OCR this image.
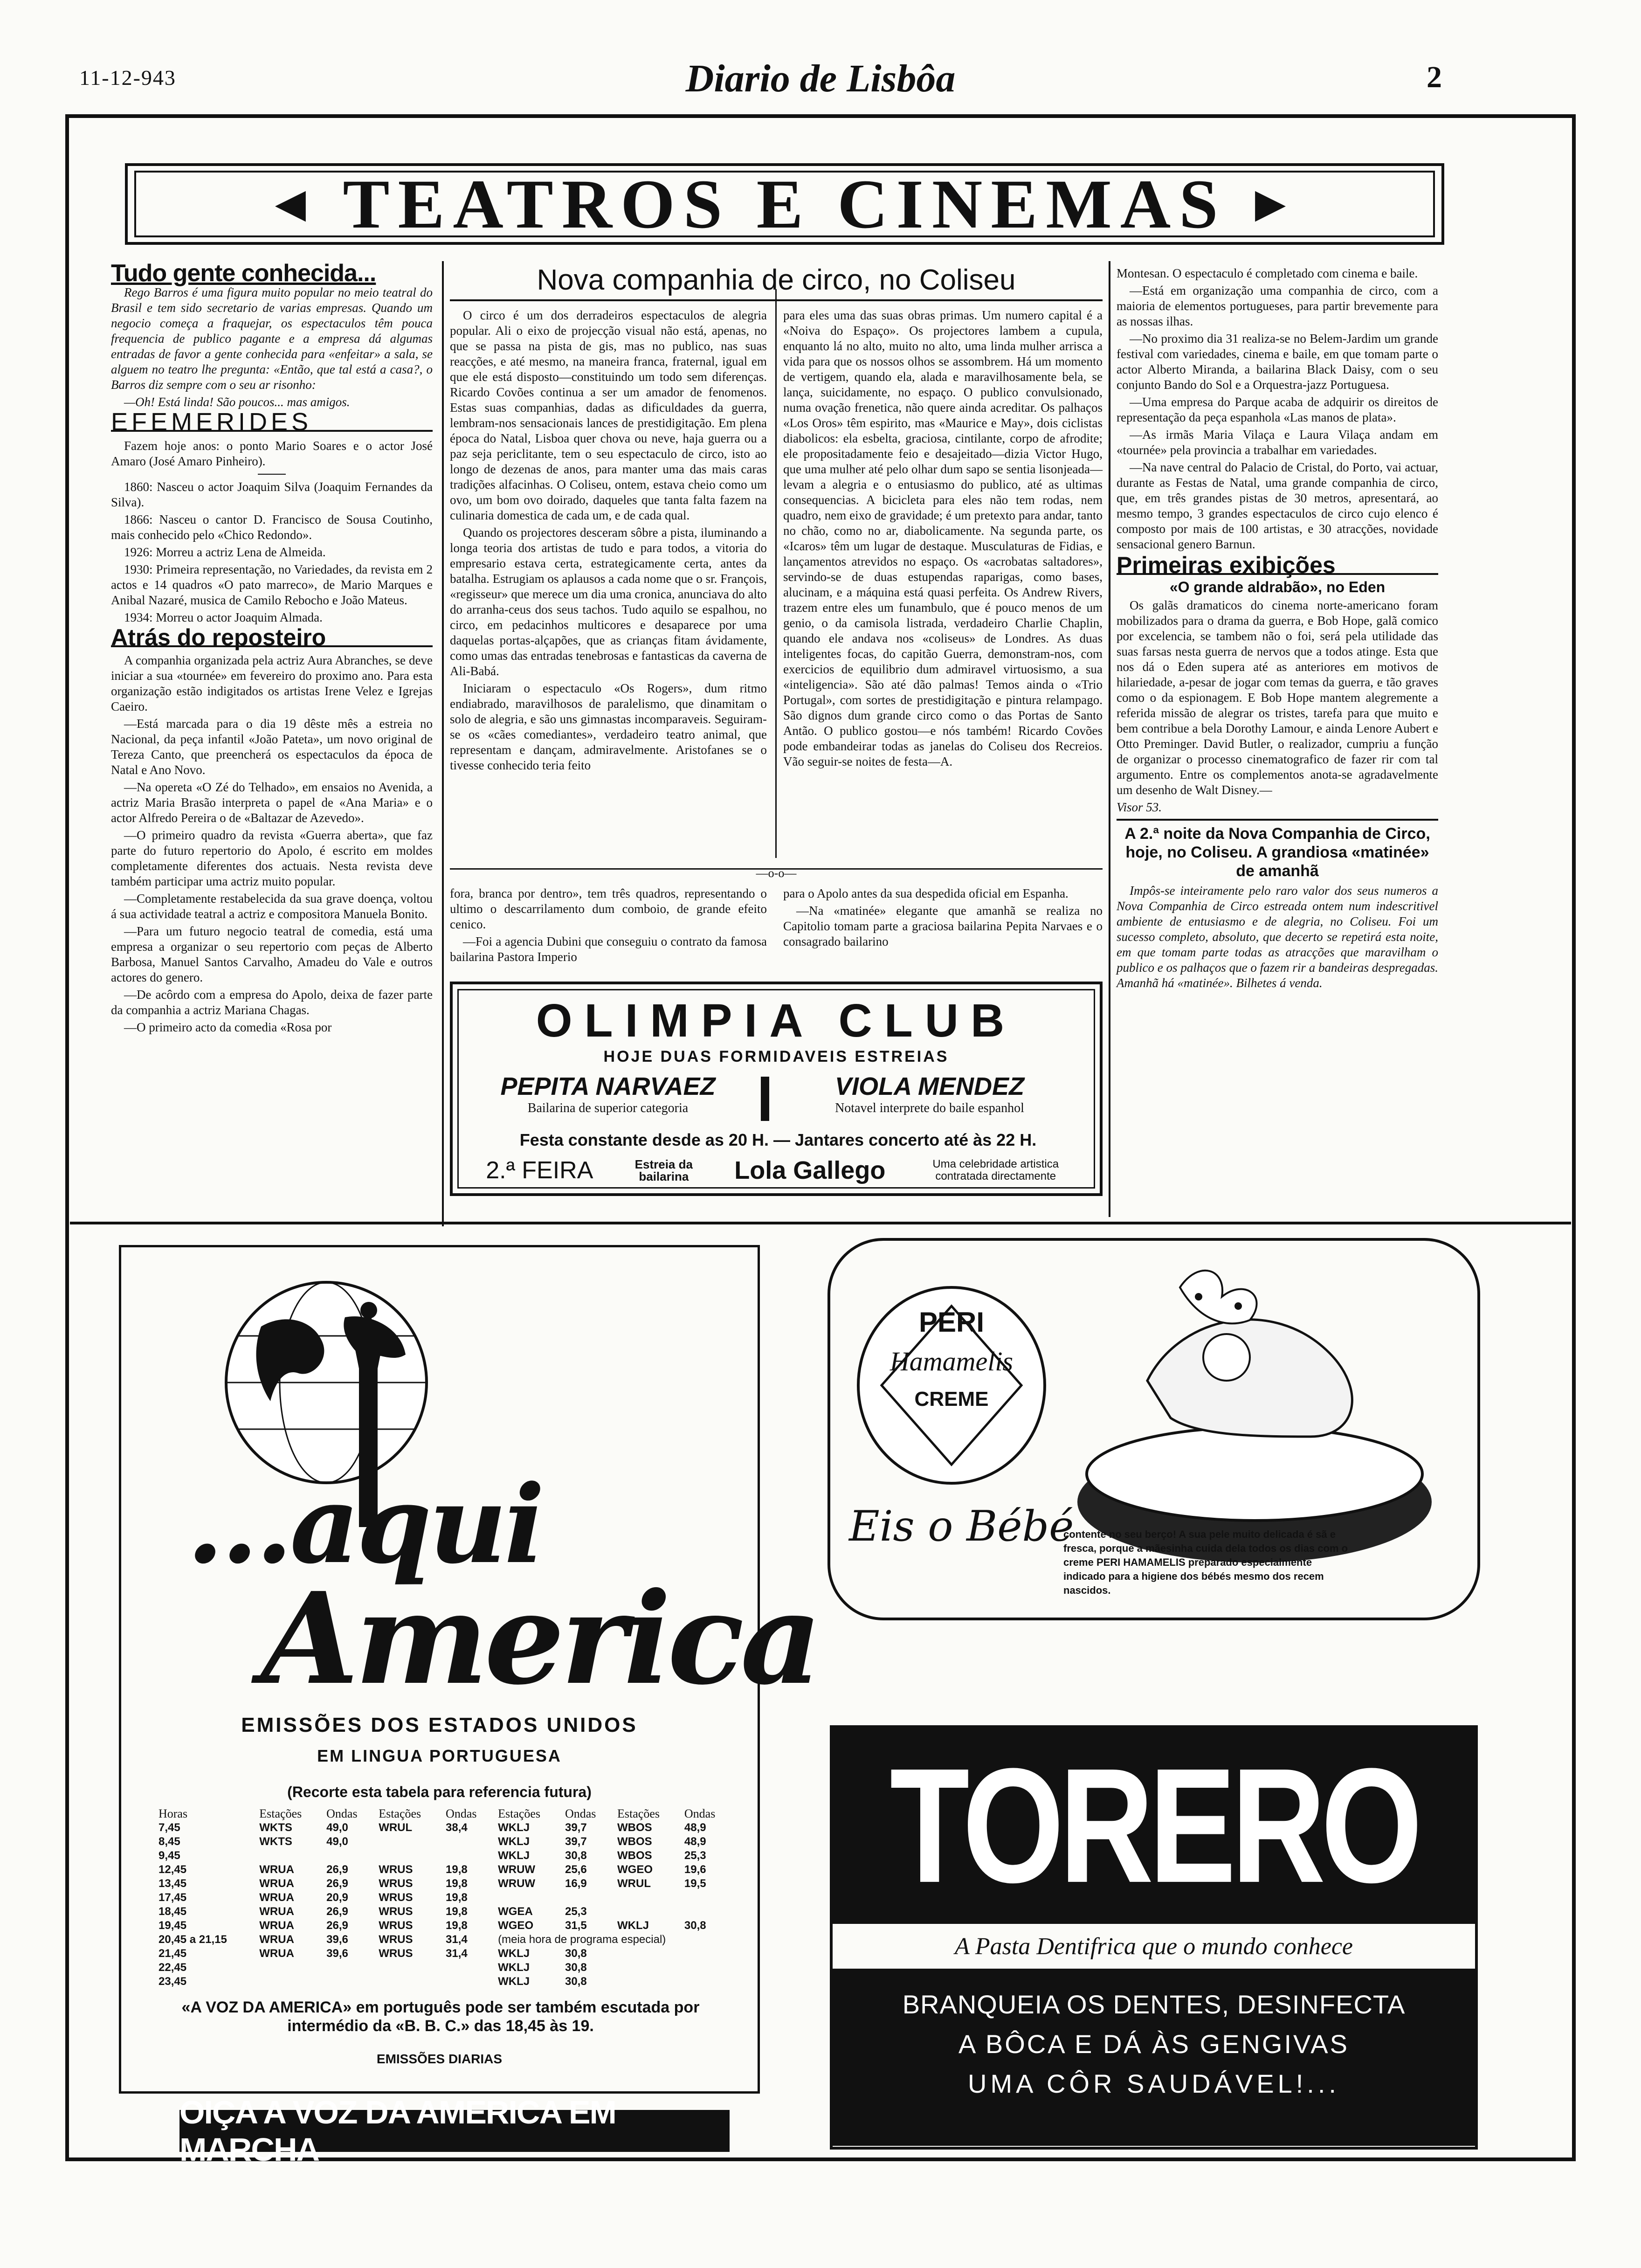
11-12-943	Diario de Lisbôa	2
◄ TEATROS E CINEMAS ►
Tudo gente conhecida...

Rego Barros é uma figura muito popular no meio teatral do Brasil e tem sido secretario de varias empresas. Quando um negocio começa a fraquejar, os espectaculos têm pouca frequencia de publico pagante e a empresa dá algumas entradas de favor a gente conhecida para «enfeitar» a sala, se alguem no teatro lhe pregunta: «Então, que tal está a casa?, o Barros diz sempre com o seu ar risonho:

—Oh! Está linda! São poucos... mas amigos.

EFEMERIDES

Fazem hoje anos: o ponto Mario Soares e o actor José Amaro (José Amaro Pinheiro).

1860: Nasceu o actor Joaquim Silva (Joaquim Fernandes da Silva).

1866: Nasceu o cantor D. Francisco de Sousa Coutinho, mais conhecido pelo «Chico Redondo».

1926: Morreu a actriz Lena de Almeida.

1930: Primeira representação, no Variedades, da revista em 2 actos e 14 quadros «O pato marreco», de Mario Marques e Anibal Nazaré, musica de Camilo Rebocho e João Mateus.

1934: Morreu o actor Joaquim Almada.

Atrás do reposteiro

A companhia organizada pela actriz Aura Abranches, se deve iniciar a sua «tournée» em fevereiro do proximo ano. Para esta organização estão indigitados os artistas Irene Velez e Igrejas Caeiro.

—Está marcada para o dia 19 dêste mês a estreia no Nacional, da peça infantil «João Pateta», um novo original de Tereza Canto, que preencherá os espectaculos da época de Natal e Ano Novo.

—Na opereta «O Zé do Telhado», em ensaios no Avenida, a actriz Maria Brasão interpreta o papel de «Ana Maria» e o actor Alfredo Pereira o de «Baltazar de Azevedo».

—O primeiro quadro da revista «Guerra aberta», que faz parte do futuro repertorio do Apolo, é escrito em moldes completamente diferentes dos actuais. Nesta revista deve também participar uma actriz muito popular.

—Completamente restabelecida da sua grave doença, voltou á sua actividade teatral a actriz e compositora Manuela Bonito.

—Para um futuro negocio teatral de comedia, está uma empresa a organizar o seu repertorio com peças de Alberto Barbosa, Manuel Santos Carvalho, Amadeu do Vale e outros actores do genero.

—De acôrdo com a empresa do Apolo, deixa de fazer parte da companhia a actriz Mariana Chagas.

—O primeiro acto da comedia «Rosa por

Nova companhia de circo, no Coliseu

O circo é um dos derradeiros espectaculos de alegria popular. Ali o eixo de projecção visual não está, apenas, no que se passa na pista de gis, mas no publico, nas suas reacções, e até mesmo, na maneira franca, fraternal, igual em que ele está disposto—constituindo um todo sem diferenças. Ricardo Covões continua a ser um amador de fenomenos. Estas suas companhias, dadas as dificuldades da guerra, lembram-nos sensacionais lances de prestidigitação. Em plena época do Natal, Lisboa quer chova ou neve, haja guerra ou a paz seja periclitante, tem o seu espectaculo de circo, isto ao longo de dezenas de anos, para manter uma das mais caras tradições alfacinhas. O Coliseu, ontem, estava cheio como um ovo, um bom ovo doirado, daqueles que tanta falta fazem na culinaria domestica de cada um, e de cada qual.

Quando os projectores desceram sôbre a pista, iluminando a longa teoria dos artistas de tudo e para todos, a vitoria do empresario estava certa, estrategicamente certa, antes da batalha. Estrugiam os aplausos a cada nome que o sr. François, «regisseur» que merece um dia uma cronica, anunciava do alto do arranha-ceus dos seus tachos. Tudo aquilo se espalhou, no circo, em pedacinhos multicores e desaparece por uma daquelas portas-alçapões, que as crianças fitam ávidamente, como umas das entradas tenebrosas e fantasticas da caverna de Ali-Babá.

Iniciaram o espectaculo «Os Rogers», dum ritmo endiabrado, maravilhosos de paralelismo, que dinamitam o solo de alegria, e são uns gimnastas incomparaveis. Seguiram-se os «cães comediantes», verdadeiro teatro animal, que representam e dançam, admiravelmente. Aristofanes se o tivesse conhecido teria feito

para eles uma das suas obras primas. Um numero capital é a «Noiva do Espaço». Os projectores lambem a cupula, enquanto lá no alto, muito no alto, uma linda mulher arrisca a vida para que os nossos olhos se assombrem. Há um momento de vertigem, quando ela, alada e maravilhosamente bela, se lança, suicidamente, no espaço. O publico convulsionado, numa ovação frenetica, não quere ainda acreditar. Os palhaços «Los Oros» têm espirito, mas «Maurice e May», dois ciclistas diabolicos: ela esbelta, graciosa, cintilante, corpo de afrodite; ele propositadamente feio e desajeitado—dizia Victor Hugo, que uma mulher até pelo olhar dum sapo se sentia lisonjeada—levam a alegria e o entusiasmo do publico, até as ultimas consequencias. A bicicleta para eles não tem rodas, nem quadro, nem eixo de gravidade; é um pretexto para andar, tanto no chão, como no ar, diabolicamente. Na segunda parte, os «Icaros» têm um lugar de destaque. Musculaturas de Fidias, e lançamentos atrevidos no espaço. Os «acrobatas saltadores», servindo-se de duas estupendas raparigas, como bases, alucinam, e a máquina está quasi perfeita. Os Andrew Rivers, trazem entre eles um funambulo, que é pouco menos de um genio, o da camisola listrada, verdadeiro Charlie Chaplin, quando ele andava nos «coliseus» de Londres. As duas inteligentes focas, do capitão Guerra, demonstram-nos, com exercicios de equilibrio dum admiravel virtuosismo, a sua «inteligencia». São até dão palmas! Temos ainda o «Trio Portugal», com sortes de prestidigitação e pintura relampago. São dignos dum grande circo como o das Portas de Santo Antão. O publico gostou—e nós também! Ricardo Covões pode embandeirar todas as janelas do Coliseu dos Recreios. Vão seguir-se noites de festa—A.

—o-o—

fora, branca por dentro», tem três quadros, representando o ultimo o descarrilamento dum comboio, de grande efeito cenico.

—Foi a agencia Dubini que conseguiu o contrato da famosa bailarina Pastora Imperio

para o Apolo antes da sua despedida oficial em Espanha.

—Na «matinée» elegante que amanhã se realiza no Capitolio tomam parte a graciosa bailarina Pepita Narvaes e o consagrado bailarino

Montesan. O espectaculo é completado com cinema e baile.

—Está em organização uma companhia de circo, com a maioria de elementos portugueses, para partir brevemente para as nossas ilhas.

—No proximo dia 31 realiza-se no Belem-Jardim um grande festival com variedades, cinema e baile, em que tomam parte o actor Alberto Miranda, a bailarina Black Daisy, com o seu conjunto Bando do Sol e a Orquestra-jazz Portuguesa.

—Uma empresa do Parque acaba de adquirir os direitos de representação da peça espanhola «Las manos de plata».

—As irmãs Maria Vilaça e Laura Vilaça andam em «tournée» pela provincia a trabalhar em variedades.

—Na nave central do Palacio de Cristal, do Porto, vai actuar, durante as Festas de Natal, uma grande companhia de circo, que, em três grandes pistas de 30 metros, apresentará, ao mesmo tempo, 3 grandes espectaculos de circo cujo elenco é composto por mais de 100 artistas, e 30 atracções, novidade sensacional genero Barnun.

Primeiras exibições
«O grande aldrabão», no Eden

Os galãs dramaticos do cinema norte-americano foram mobilizados para o drama da guerra, e Bob Hope, galã comico por excelencia, se tambem não o foi, será pela utilidade das suas farsas nesta guerra de nervos que a todos atinge. Esta que nos dá o Eden supera até as anteriores em motivos de hilariedade, a-pesar de jogar com temas da guerra, e tão graves como o da espionagem. E Bob Hope mantem alegremente a referida missão de alegrar os tristes, tarefa para que muito e bem contribue a bela Dorothy Lamour, e ainda Lenore Aubert e Otto Preminger. David Butler, o realizador, cumpriu a função de organizar o processo cinematografico de fazer rir com tal argumento. Entre os complementos anota-se agradavelmente um desenho de Walt Disney.—

Visor 53.

A 2.ª noite da Nova Companhia de Circo, hoje, no Coliseu. A grandiosa «matinée» de amanhã

Impôs-se inteiramente pelo raro valor dos seus numeros a Nova Companhia de Circo estreada ontem num indescritivel ambiente de entusiasmo e de alegria, no Coliseu. Foi um sucesso completo, absoluto, que decerto se repetirá esta noite, em que tomam parte todas as atracções que maravilham o publico e os palhaços que o fazem rir a bandeiras despregadas. Amanhã há «matinée». Bilhetes á venda.

OLIMPIA CLUB
HOJE DUAS FORMIDAVEIS ESTREIAS
PEPITA NARVAEZ
Bailarina de superior categoria
VIOLA MENDEZ
Notavel interprete do baile espanhol
Festa constante desde as 20 H. — Jantares concerto até às 22 H.
2.ª FEIRA	Estreia da bailarina	Lola Gallego	Uma celebridade artistica contratada directamente
...aqui
America
EMISSÕES DOS ESTADOS UNIDOS
EM LINGUA PORTUGUESA
(Recorte esta tabela para referencia futura)
Horas	Estações	Ondas	Estações	Ondas	Estações	Ondas	Estações	Ondas
7,45	WKTS	49,0	WRUL	38,4	WKLJ	39,7	WBOS	48,9
8,45	WKTS	49,0			WKLJ	39,7	WBOS	48,9
9,45					WKLJ	30,8	WBOS	25,3
12,45	WRUA	26,9	WRUS	19,8	WRUW	25,6	WGEO	19,6
13,45	WRUA	26,9	WRUS	19,8	WRUW	16,9	WRUL	19,5
17,45	WRUA	20,9	WRUS	19,8				
18,45	WRUA	26,9	WRUS	19,8	WGEA	25,3		
19,45	WRUA	26,9	WRUS	19,8	WGEO	31,5	WKLJ	30,8
20,45 a 21,15	WRUA	39,6	WRUS	31,4	(meia hora de programa especial)			
21,45	WRUA	39,6	WRUS	31,4	WKLJ	30,8		
22,45					WKLJ	30,8		
23,45					WKLJ	30,8		
«A VOZ DA AMERICA» em português pode ser também escutada por intermédio da «B. B. C.» das 18,45 às 19.
EMISSÕES DIARIAS
OIÇA A VOZ DA AMERICA EM MARCHA
PERI
Hamamelis
CREME
Eis o Bébé
contente no seu berço! A sua pele muito delicada é sã e fresca, porque a mãesinha cuida dela todos os dias com o creme PERI HAMAMELIS preparado especialmente indicado para a higiene dos bébés mesmo dos recem nascidos.
TORERO
A Pasta Dentifrica que o mundo conhece
BRANQUEIA OS DENTES, DESINFECTA
A BÔCA E DÁ ÀS GENGIVAS
UMA CÔR SAUDÁVEL!...
